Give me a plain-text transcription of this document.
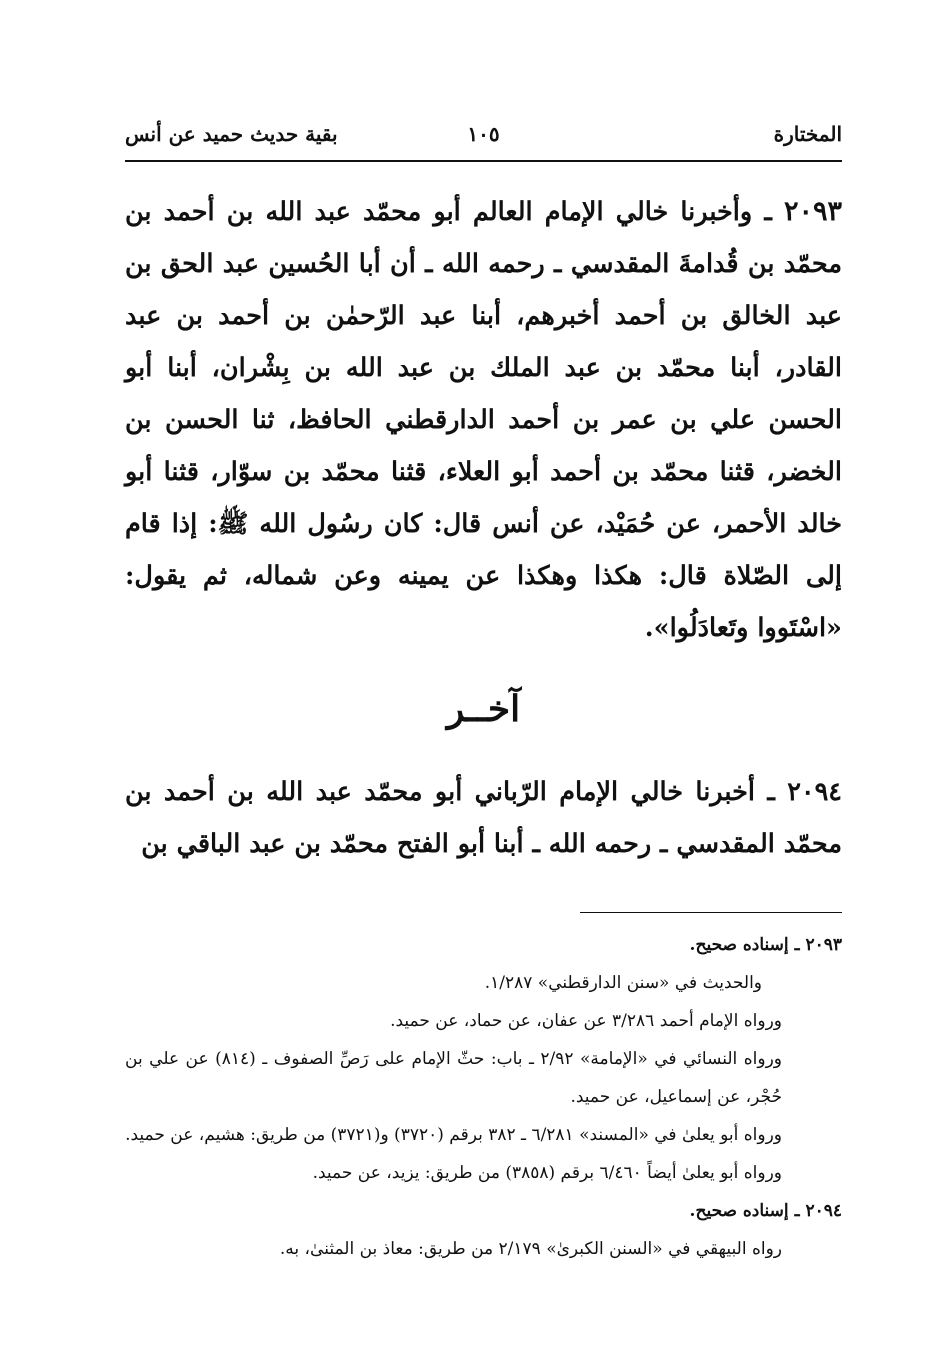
المختارة
١٠٥
بقية حديث حميد عن أنس

٢٠٩٣ ـ وأخبرنا خالي الإمام العالم أبو محمّد عبد الله بن أحمد بن محمّد بن قُدامةَ المقدسي ـ رحمه الله ـ أن أبا الحُسين عبد الحق بن عبد الخالق بن أحمد أخبرهم، أبنا عبد الرّحمٰن بن أحمد بن عبد القادر، أبنا محمّد بن عبد الملك بن عبد الله بن بِشْران، أبنا أبو الحسن علي بن عمر بن أحمد الدارقطني الحافظ، ثنا الحسن بن الخضر، قثنا محمّد بن أحمد أبو العلاء، قثنا محمّد بن سوّار، قثنا أبو خالد الأحمر، عن حُمَيْد، عن أنس قال: كان رسُول الله ﷺ: إذا قام إلى الصّلاة قال: هكذا وهكذا عن يمينه وعن شماله، ثم يقول: «اسْتَووا وتَعادَلُوا».

آخــر

٢٠٩٤ ـ أخبرنا خالي الإمام الرّباني أبو محمّد عبد الله بن أحمد بن محمّد المقدسي ـ رحمه الله ـ أبنا أبو الفتح محمّد بن عبد الباقي بن

٢٠٩٣ ـ إسناده صحيح.

والحديث في «سنن الدارقطني» ١/٢٨٧.

ورواه الإمام أحمد ٣/٢٨٦ عن عفان، عن حماد، عن حميد.

ورواه النسائي في «الإمامة» ٢/٩٢ ـ باب: حثّ الإمام على رَصِّ الصفوف ـ (٨١٤) عن علي بن حُجْر، عن إسماعيل، عن حميد.

ورواه أبو يعلىٰ في «المسند» ٦/٢٨١ ـ ٣٨٢ برقم (٣٧٢٠) و(٣٧٢١) من طريق: هشيم، عن حميد.

ورواه أبو يعلىٰ أيضاً ٦/٤٦٠ برقم (٣٨٥٨) من طريق: يزيد، عن حميد.

٢٠٩٤ ـ إسناده صحيح.

رواه البيهقي في «السنن الكبرىٰ» ٢/١٧٩ من طريق: معاذ بن المثنىٰ، به.
